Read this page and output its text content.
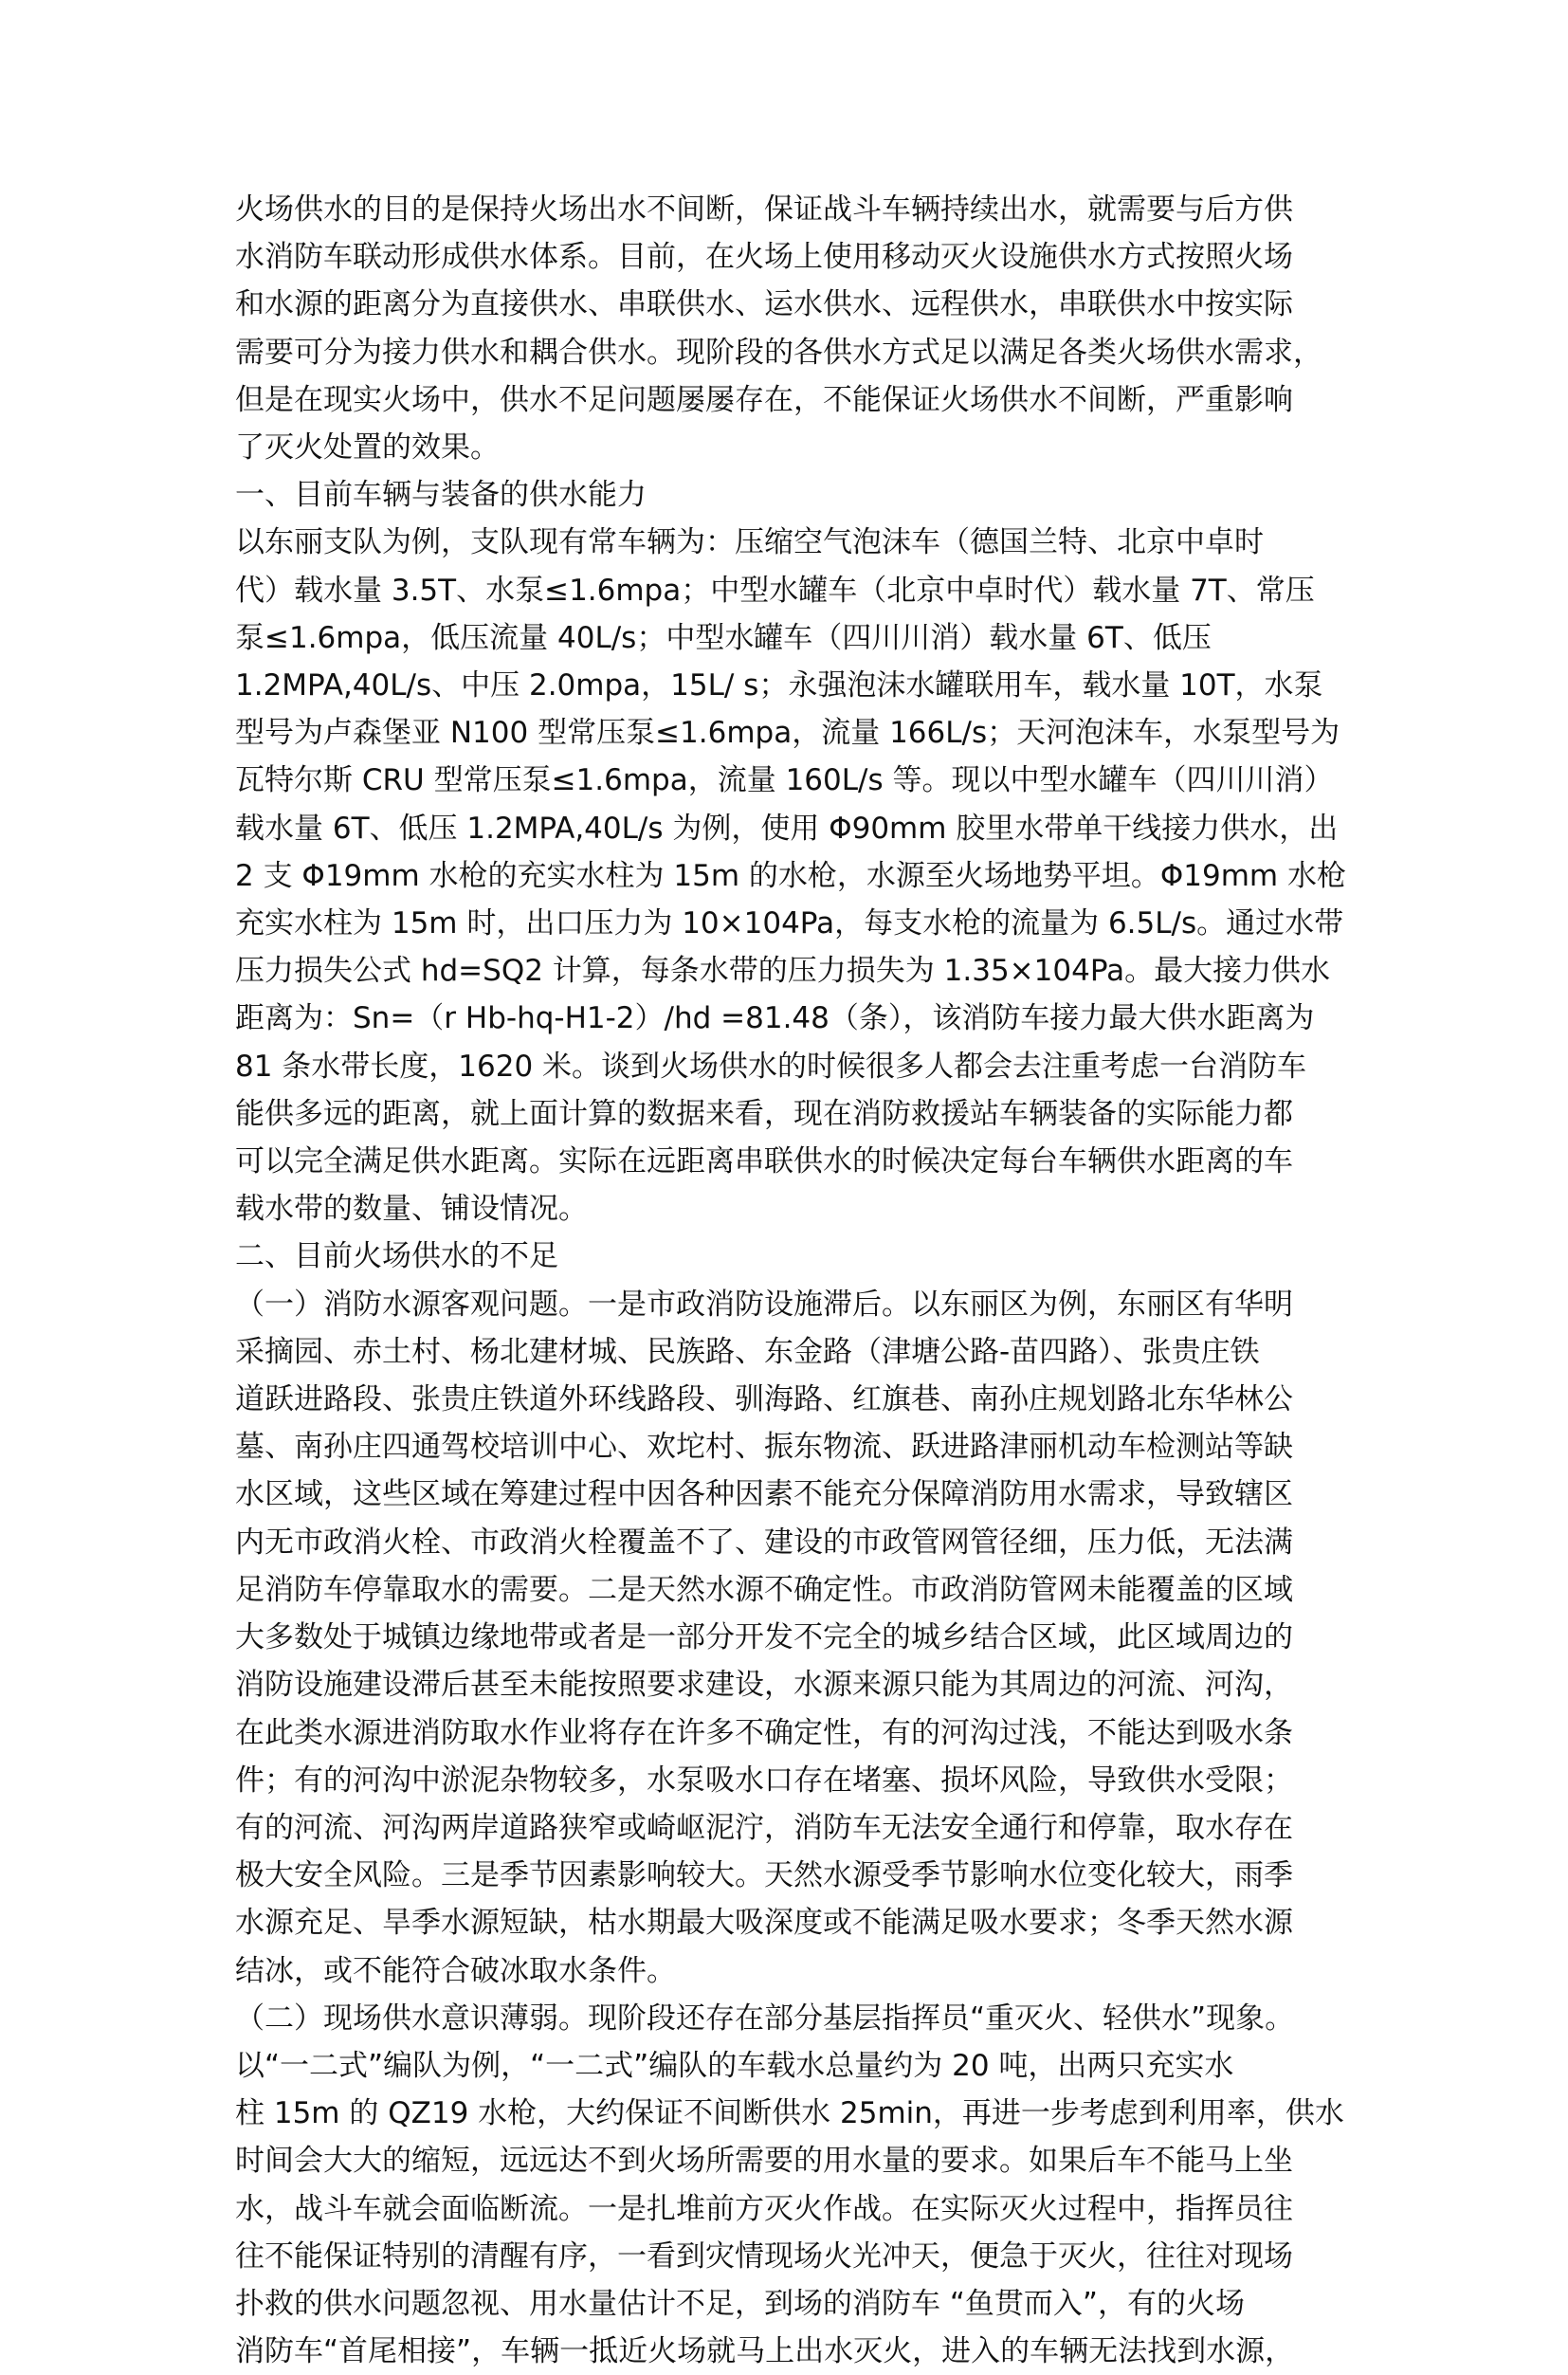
火场供水的目的是保持火场出水不间断，保证战斗车辆持续出水，就需要与后方供
水消防车联动形成供水体系。目前，在火场上使用移动灭火设施供水方式按照火场
和水源的距离分为直接供水、串联供水、运水供水、远程供水，串联供水中按实际
需要可分为接力供水和耦合供水。现阶段的各供水方式足以满足各类火场供水需求，
但是在现实火场中，供水不足问题屡屡存在，不能保证火场供水不间断，严重影响
了灭火处置的效果。
一、目前车辆与装备的供水能力
以东丽支队为例，支队现有常车辆为：压缩空气泡沫车（德国兰特、北京中卓时
代）载水量 3.5T、水泵≤1.6mpa；中型水罐车（北京中卓时代）载水量 7T、常压
泵≤1.6mpa，低压流量 40L/s；中型水罐车（四川川消）载水量 6T、低压
1.2MPA,40L/s、中压 2.0mpa，15L/ s；永强泡沫水罐联用车，载水量 10T，水泵
型号为卢森堡亚 N100 型常压泵≤1.6mpa，流量 166L/s；天河泡沫车，水泵型号为
瓦特尔斯 CRU 型常压泵≤1.6mpa，流量 160L/s 等。现以中型水罐车（四川川消）
载水量 6T、低压 1.2MPA,40L/s 为例，使用 Φ90mm 胶里水带单干线接力供水，出
2 支 Φ19mm 水枪的充实水柱为 15m 的水枪，水源至火场地势平坦。Φ19mm 水枪
充实水柱为 15m 时，出口压力为 10×104Pa，每支水枪的流量为 6.5L/s。通过水带
压力损失公式 hd=SQ2 计算，每条水带的压力损失为 1.35×104Pa。最大接力供水
距离为：Sn=（r Hb-hq-H1-2）/hd =81.48（条），该消防车接力最大供水距离为
81 条水带长度，1620 米。谈到火场供水的时候很多人都会去注重考虑一台消防车
能供多远的距离，就上面计算的数据来看，现在消防救援站车辆装备的实际能力都
可以完全满足供水距离。实际在远距离串联供水的时候决定每台车辆供水距离的车
载水带的数量、铺设情况。
二、目前火场供水的不足
（一）消防水源客观问题。一是市政消防设施滞后。以东丽区为例，东丽区有华明
采摘园、赤土村、杨北建材城、民族路、东金路（津塘公路-苗四路）、张贵庄铁
道跃进路段、张贵庄铁道外环线路段、驯海路、红旗巷、南孙庄规划路北东华林公
墓、南孙庄四通驾校培训中心、欢坨村、振东物流、跃进路津丽机动车检测站等缺
水区域，这些区域在筹建过程中因各种因素不能充分保障消防用水需求，导致辖区
内无市政消火栓、市政消火栓覆盖不了、建设的市政管网管径细，压力低，无法满
足消防车停靠取水的需要。二是天然水源不确定性。市政消防管网未能覆盖的区域
大多数处于城镇边缘地带或者是一部分开发不完全的城乡结合区域，此区域周边的
消防设施建设滞后甚至未能按照要求建设，水源来源只能为其周边的河流、河沟，
在此类水源进消防取水作业将存在许多不确定性，有的河沟过浅，不能达到吸水条
件；有的河沟中淤泥杂物较多，水泵吸水口存在堵塞、损坏风险，导致供水受限；
有的河流、河沟两岸道路狭窄或崎岖泥泞，消防车无法安全通行和停靠，取水存在
极大安全风险。三是季节因素影响较大。天然水源受季节影响水位变化较大，雨季
水源充足、旱季水源短缺，枯水期最大吸深度或不能满足吸水要求；冬季天然水源
结冰，或不能符合破冰取水条件。
（二）现场供水意识薄弱。现阶段还存在部分基层指挥员“重灭火、轻供水”现象。
以“一二式”编队为例，“一二式”编队的车载水总量约为 20 吨，出两只充实水
柱 15m 的 QZ19 水枪，大约保证不间断供水 25min，再进一步考虑到利用率，供水
时间会大大的缩短，远远达不到火场所需要的用水量的要求。如果后车不能马上坐
水，战斗车就会面临断流。一是扎堆前方灭火作战。在实际灭火过程中，指挥员往
往不能保证特别的清醒有序，一看到灾情现场火光冲天，便急于灭火，往往对现场
扑救的供水问题忽视、用水量估计不足，到场的消防车 “鱼贯而入”，有的火场
消防车“首尾相接”，车辆一抵近火场就马上出水灭火，进入的车辆无法找到水源，
